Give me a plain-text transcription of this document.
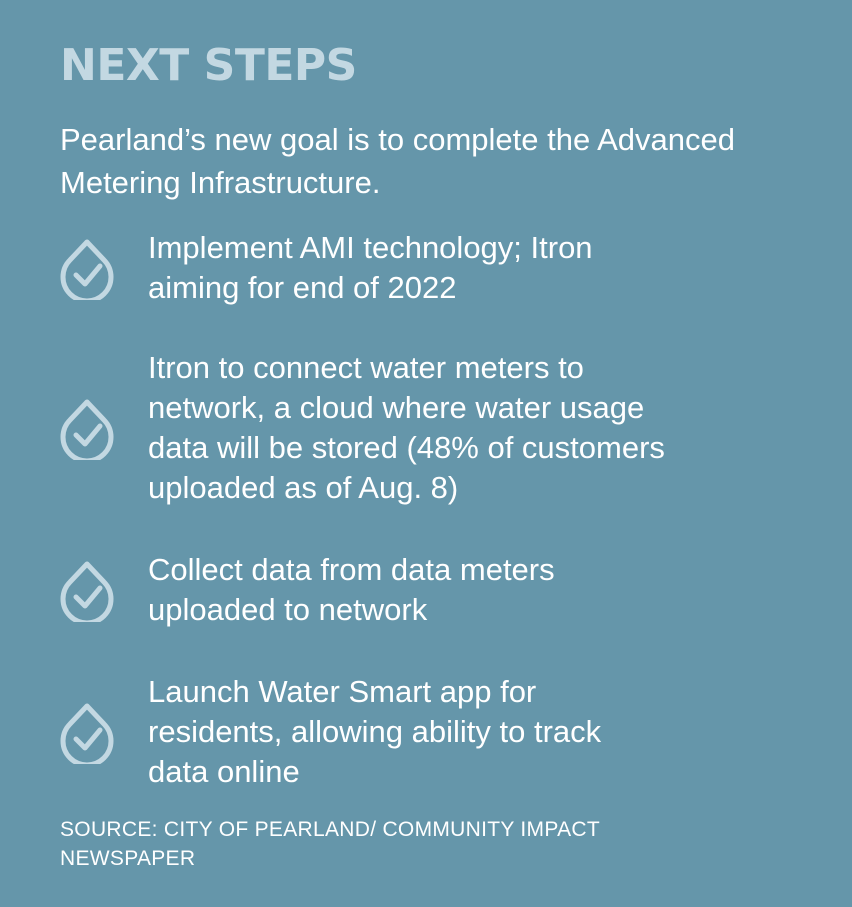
NEXT STEPS

Pearland’s new goal is to complete the Advanced Metering Infrastructure.

Implement AMI technology; Itron aiming for end of 2022
Itron to connect water meters to network, a cloud where water usage data will be stored (48% of customers uploaded as of Aug. 8)
Collect data from data meters uploaded to network
Launch Water Smart app for residents, allowing ability to track data online

SOURCE: CITY OF PEARLAND/ COMMUNITY IMPACT NEWSPAPER
